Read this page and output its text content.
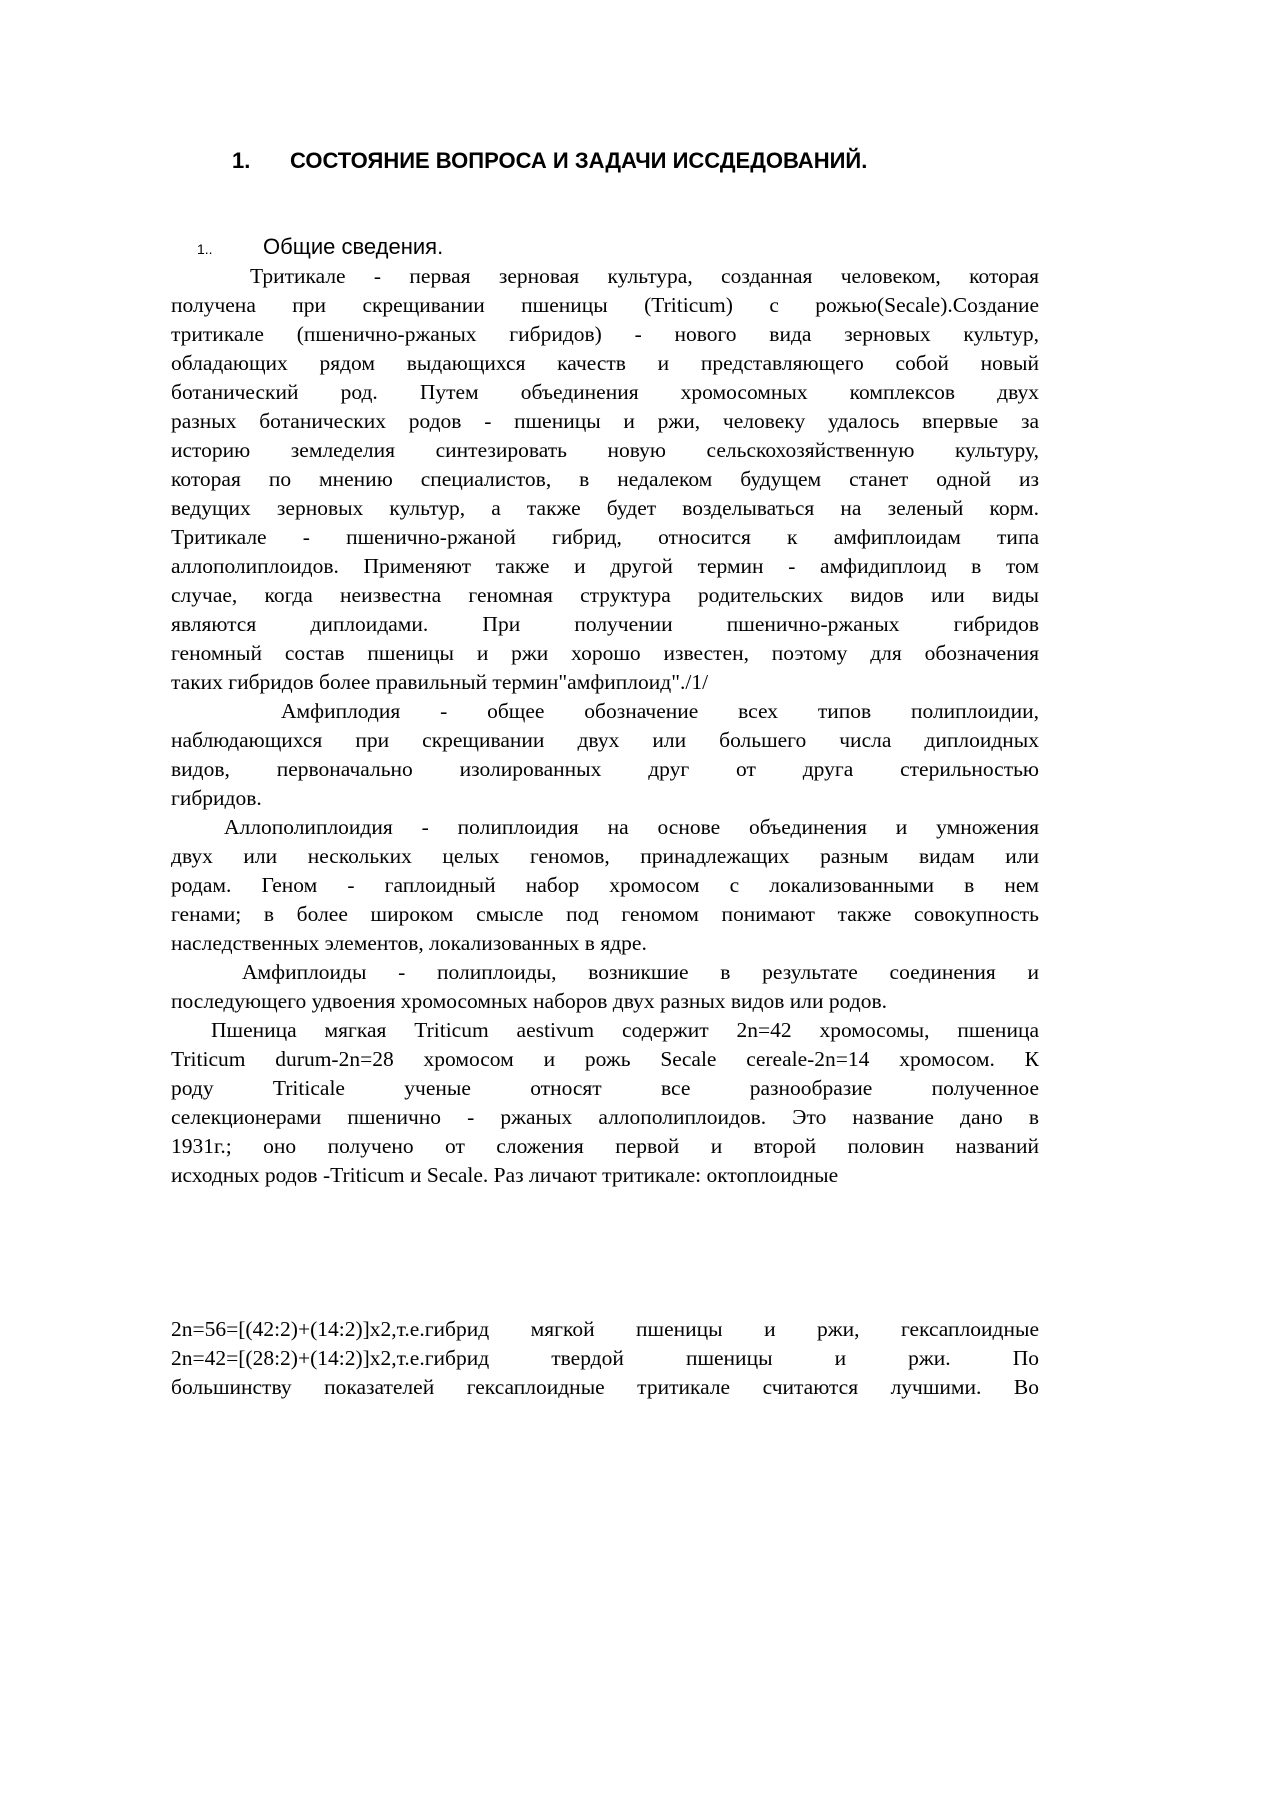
1. СОСТОЯНИЕ ВОПРОСА И ЗАДАЧИ ИССДЕДОВАНИЙ.
1.. Общие сведения.

Тритикале - первая зерновая культура, созданная человеком, которая
получена при скрещивании пшеницы (Triticum) с рожью(Secale).Создание
тритикале (пшенично-ржаных гибридов) - нового вида зерновых культур,
обладающих рядом выдающихся качеств и представляющего собой новый
ботанический род. Путем объединения хромосомных комплексов двух
разных ботанических родов - пшеницы и ржи, человеку удалось впервые за
историю земледелия синтезировать новую сельскохозяйственную культуру,
которая по мнению специалистов, в недалеком будущем станет одной из
ведущих зерновых культур, а также будет возделываться на зеленый корм.
Тритикале - пшенично-ржаной гибрид, относится к амфиплоидам типа
аллополиплоидов. Применяют также и другой термин - амфидиплоид в том
случае, когда неизвестна геномная структура родительских видов или виды
являются диплоидами. При получении пшенично-ржаных гибридов
геномный состав пшеницы и ржи хорошо известен, поэтому для обозначения
таких гибридов более правильный термин"амфиплоид"./1/

Амфиплодия - общее обозначение всех типов полиплоидии,
наблюдающихся при скрещивании двух или большего числа диплоидных
видов, первоначально изолированных друг от друга стерильностью
гибридов.

Аллополиплоидия - полиплоидия на основе объединения и умножения
двух или нескольких целых геномов, принадлежащих разным видам или
родам. Геном - гаплоидный набор хромосом с локализованными в нем
генами; в более широком смысле под геномом понимают также совокупность
наследственных элементов, локализованных в ядре.

Амфиплоиды - полиплоиды, возникшие в результате соединения и
последующего удвоения хромосомных наборов двух разных видов или родов.

Пшеница мягкая Triticum aestivum содержит 2n=42 хромосомы, пшеница
Triticum durum-2n=28 хромосом и рожь Secale cereale-2n=14 хромосом. К
роду Triticale ученые относят все разнообразие полученное
селекционерами пшенично - ржаных аллополиплоидов. Это название дано в
1931г.; оно получено от сложения первой и второй половин названий
исходных родов -Triticum и Secale. Раз личают тритикале: октоплоидные

2n=56=[(42:2)+(14:2)]х2,т.е.гибрид мягкой пшеницы и ржи, гексаплоидные
2n=42=[(28:2)+(14:2)]х2,т.е.гибрид твердой пшеницы и ржи. По
большинству показателей гексаплоидные тритикале считаются лучшими. Во
